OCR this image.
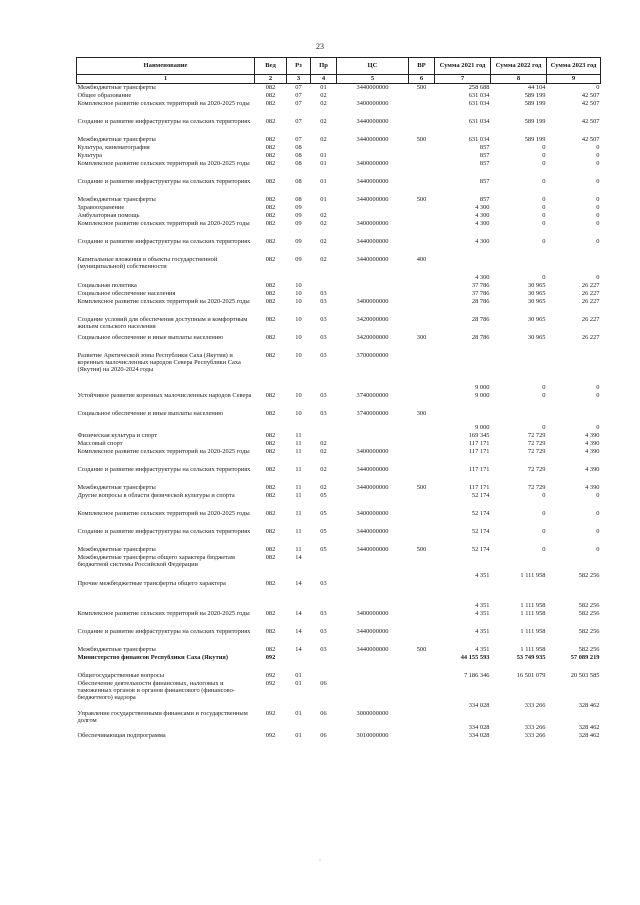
23
Наименование	Вед	Рз	Пр	ЦС	ВР	Сумма 2021 год	Сумма 2022 год	Сумма 2023 год
1	2	3	4	5	6	7	8	9
Межбюджетные трансферты	082	07	01	3440000000	500	258 688	44 104	0
Общее образование	082	07	02			631 034	589 199	42 507
Комплексное развитие сельских территорий на 2020-2025 годы	082	07	02	3400000000		631 034	589 199	42 507
Создание и развитие инфраструктуры на сельских территориях	082	07	02	3440000000		631 034	589 199	42 507
Межбюджетные трансферты	082	07	02	3440000000	500	631 034	589 199	42 507
Культура, кинематография	082	08				857	0	0
Культура	082	08	01			857	0	0
Комплексное развитие сельских территорий на 2020-2025 годы	082	08	01	3400000000		857	0	0
Создание и развитие инфраструктуры на сельских территориях	082	08	01	3440000000		857	0	0
Межбюджетные трансферты	082	08	01	3440000000	500	857	0	0
Здравоохранение	082	09				4 300	0	0
Амбулаторная помощь	082	09	02			4 300	0	0
Комплексное развитие сельских территорий на 2020-2025 годы	082	09	02	3400000000		4 300	0	0
Создание и развитие инфраструктуры на сельских территориях	082	09	02	3440000000		4 300	0	0
Капитальные вложения в объекты государственной (муниципальной) собственности	082	09	02	3440000000	400	4 300	0	0
Социальная политика	082	10				37 786	30 965	26 227
Социальное обеспечение населения	082	10	03			37 786	30 965	26 227
Комплексное развитие сельских территорий на 2020-2025 годы	082	10	03	3400000000		28 786	30 965	26 227
Создание условий для обеспечения доступным и комфортным жильем сельского населения	082	10	03	3420000000		28 786	30 965	26 227
Социальное обеспечение и иные выплаты населению	082	10	03	3420000000	300	28 786	30 965	26 227
Развитие Арктической зоны Республики Саха (Якутия) и коренных малочисленных народов Севера Республики Саха (Якутия) на 2020-2024 годы	082	10	03	3700000000		9 000	0	0
Устойчивое развитие коренных малочисленных народов Севера	082	10	03	3740000000		9 000	0	0
Социальное обеспечение и иные выплаты населению	082	10	03	3740000000	300	9 000	0	0
Физическая культура и спорт	082	11				169 345	72 729	4 390
Массовый спорт	082	11	02			117 171	72 729	4 390
Комплексное развитие сельских территорий на 2020-2025 годы	082	11	02	3400000000		117 171	72 729	4 390
Создание и развитие инфраструктуры на сельских территориях	082	11	02	3440000000		117 171	72 729	4 390
Межбюджетные трансферты	082	11	02	3440000000	500	117 171	72 729	4 390
Другие вопросы в области физической культуры и спорта	082	11	05			52 174	0	0
Комплексное развитие сельских территорий на 2020-2025 годы	082	11	05	3400000000		52 174	0	0
Создание и развитие инфраструктуры на сельских территориях	082	11	05	3440000000		52 174	0	0
Межбюджетные трансферты	082	11	05	3440000000	500	52 174	0	0
Межбюджетные трансферты общего характера бюджетам бюджетной системы Российской Федерации	082	14				4 351	1 111 958	582 256
Прочие межбюджетные трансферты общего характера	082	14	03			4 351	1 111 958	582 256
Комплексное развитие сельских территорий на 2020-2025 годы	082	14	03	3400000000		4 351	1 111 958	582 256
Создание и развитие инфраструктуры на сельских территориях	082	14	03	3440000000		4 351	1 111 958	582 256
Межбюджетные трансферты	082	14	03	3440000000	500	4 351	1 111 958	582 256
Министерство финансов Республики Саха (Якутия)	092					44 155 593	53 749 935	57 089 219
Общегосударственные вопросы	092	01				7 186 346	16 501 079	20 503 585
Обеспечение деятельности финансовых, налоговых и таможенных органов и органов финансового (финансово-бюджетного) надзора	092	01	06			334 028	333 266	328 462
Управление государственными финансами и государственным долгом	092	01	06	3000000000		334 028	333 266	328 462
Обеспечивающая подпрограмма	092	01	06	3010000000		334 028	333 266	328 462
·
